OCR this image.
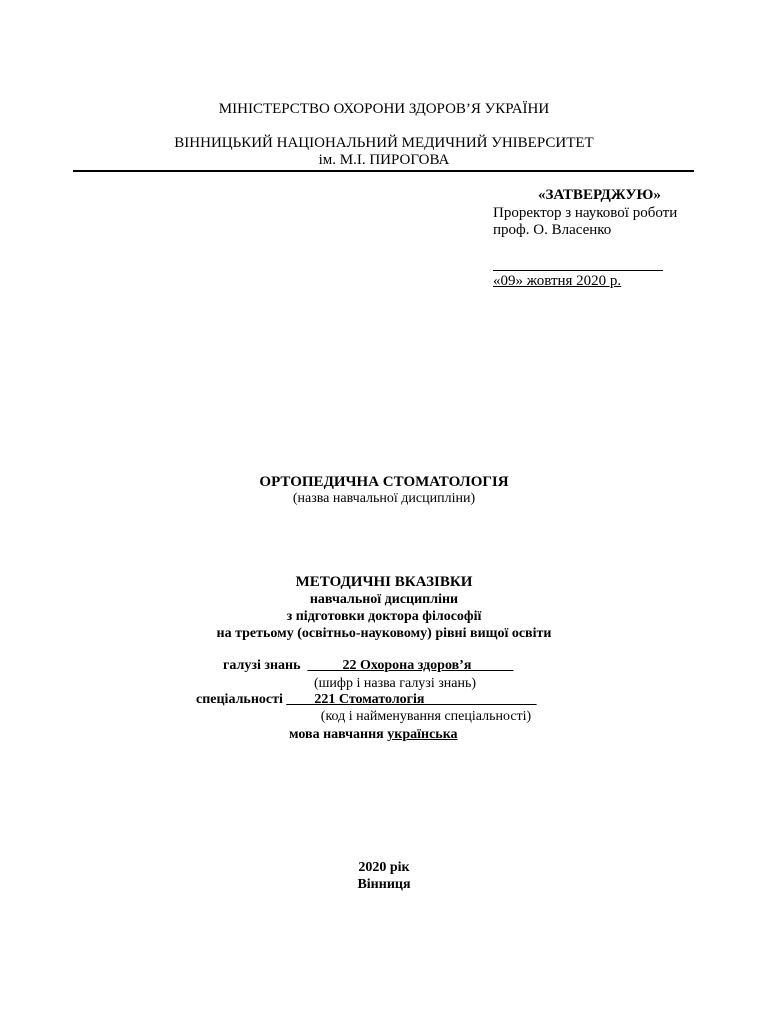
МІНІСТЕРСТВО ОХОРОНИ ЗДОРОВ’Я УКРАЇНИ
ВІННИЦЬКИЙ НАЦІОНАЛЬНИЙ МЕДИЧНИЙ УНІВЕРСИТЕТ
ім. М.І. ПИРОГОВА
«ЗАТВЕРДЖУЮ»
Проректор з наукової роботи
проф. О. Власенко
«09» жовтня 2020 р.
ОРТОПЕДИЧНА СТОМАТОЛОГІЯ
(назва навчальної дисципліни)
МЕТОДИЧНІ ВКАЗІВКИ
навчальної дисципліни
з підготовки доктора філософії
на третьому (освітньо-науковому) рівні вищої освіти
галузі знань _____22 Охорона здоров’я______
(шифр і назва галузі знань)
спеціальності ____221 Стоматологія________________
(код і найменування спеціальності)
мова навчання українська
2020 рік
Вінниця
